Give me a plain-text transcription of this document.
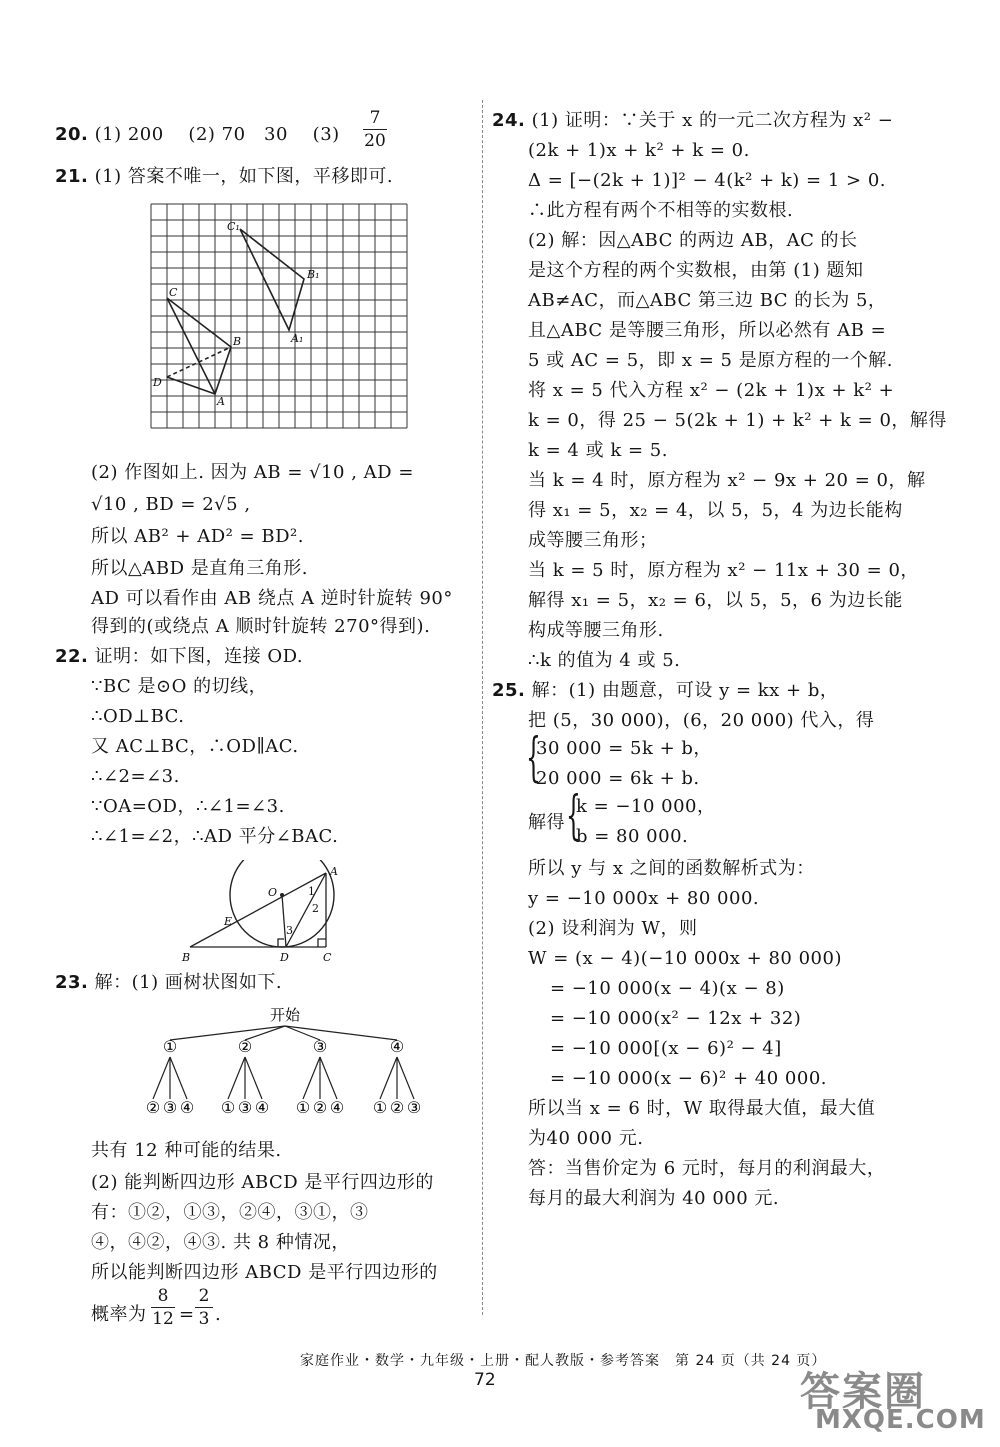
20. (1) 200　 (2) 70　30　 (3)
7
20
21. (1) 答案不唯一，如下图，平移即可.
C₁
B₁
A₁
C
B
D
A
(2) 作图如上. 因为 AB = √10 , AD =
√10 , BD = 2√5 ,
所以 AB² + AD² = BD².
所以△ABD 是直角三角形.
AD 可以看作由 AB 绕点 A 逆时针旋转 90°
得到的(或绕点 A 顺时针旋转 270°得到).
22. 证明：如下图，连接 OD.
∵BC 是⊙O 的切线，
∴OD⊥BC.
又 AC⊥BC，∴OD∥AC.
∴∠2=∠3.
∵OA=OD，∴∠1=∠3.
∴∠1=∠2，∴AD 平分∠BAC.
O
A
E
B	D	C
1
2
3
23. 解：(1) 画树状图如下.
开始
①
② ③ ④
②
① ③ ④
③
① ② ④
④
① ② ③
共有 12 种可能的结果.
(2) 能判断四边形 ABCD 是平行四边形的
有：①②，①③，②④，③①，③
④，④②，④③. 共 8 种情况，
所以能判断四边形 ABCD 是平行四边形的
概率为
8
12 =
2
3 .
24. (1) 证明：∵关于 x 的一元二次方程为 x² −
(2k + 1)x + k² + k = 0.
Δ = [−(2k + 1)]² − 4(k² + k) = 1 > 0.
∴此方程有两个不相等的实数根.
(2) 解：因△ABC 的两边 AB，AC 的长
是这个方程的两个实数根，由第 (1) 题知
AB≠AC，而△ABC 第三边 BC 的长为 5，
且△ABC 是等腰三角形，所以必然有 AB =
5 或 AC = 5，即 x = 5 是原方程的一个解.
将 x = 5 代入方程 x² − (2k + 1)x + k² +
k = 0，得 25 − 5(2k + 1) + k² + k = 0，解得
k = 4 或 k = 5.
当 k = 4 时，原方程为 x² − 9x + 20 = 0，解
得 x₁ = 5，x₂ = 4，以 5，5，4 为边长能构
成等腰三角形；
当 k = 5 时，原方程为 x² − 11x + 30 = 0，
解得 x₁ = 5，x₂ = 6，以 5，5，6 为边长能
构成等腰三角形.
∴k 的值为 4 或 5.
25. 解：(1) 由题意，可设 y = kx + b，
把 (5，30 000)，(6，20 000) 代入，得
{
30 000 = 5k + b，
20 000 = 6k + b.
解得 {
k = −10 000，
b = 80 000.
所以 y 与 x 之间的函数解析式为：
y = −10 000x + 80 000.
(2) 设利润为 W，则
W = (x − 4)(−10 000x + 80 000)
= −10 000(x − 4)(x − 8)
= −10 000(x² − 12x + 32)
= −10 000[(x − 6)² − 4]
= −10 000(x − 6)² + 40 000.
所以当 x = 6 时，W 取得最大值，最大值
为40 000 元.
答：当售价定为 6 元时，每月的利润最大，
每月的最大利润为 40 000 元.
家庭作业・数学・九年级・上册・配人教版・参考答案　第 24 页（共 24 页）
72	答案圈
MXQE.COM
